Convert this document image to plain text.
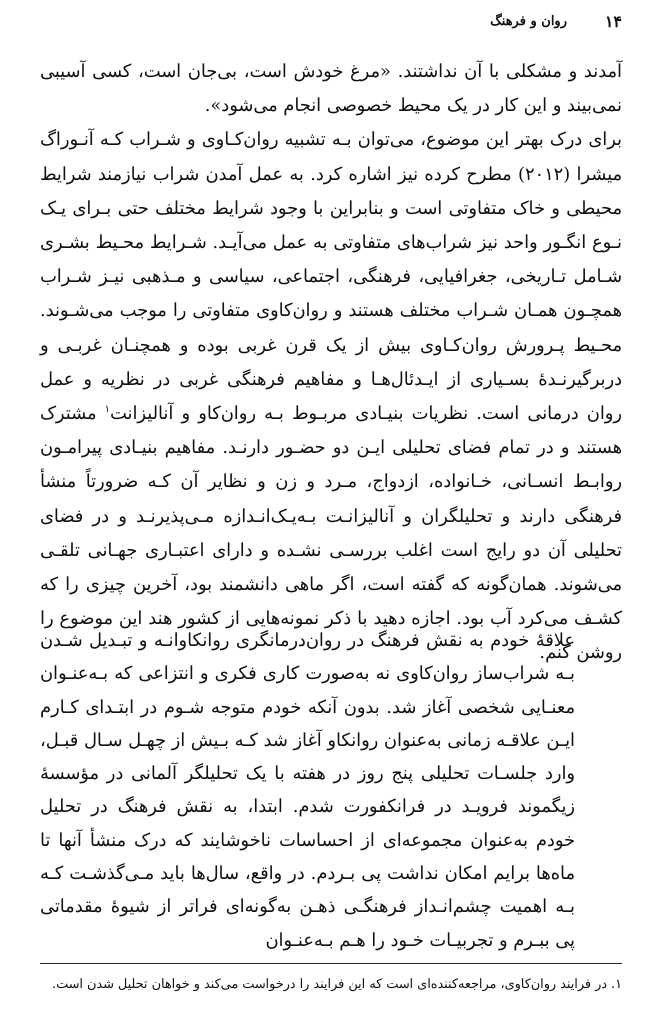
۱۴
روان و فرهنگ

آمدند و مشکلی با آن نداشتند. «مرغ خودش است، بی‌جان است، کسی آسیبی نمی‌بیند و این کار در یک محیط خصوصی انجام می‌شود».

برای درک بهتر این موضوع، می‌توان بـه تشبیه روان‌کـاوی و شـراب کـه آنـوراگ میشرا (۲۰۱۲) مطرح کرده نیز اشاره کرد. به عمل آمدن شراب نیازمند شرایط محیطی و خاک متفاوتی است و بنابراین با وجود شرایط مختلف حتی بـرای یـک نـوع انگـور واحد نیز شراب‌های متفاوتی به عمل می‌آیـد. شـرایط محـیط بشـری شـامل تـاریخی، جغرافیایی، فرهنگی، اجتماعی، سیاسی و مـذهبی نیـز شـراب همچـون همـان شـراب مختلف هستند و روان‌کاوی متفاوتی را موجب می‌شـوند. محـیط پـرورش روان‌کـاوی بیش از یک قرن غربی بوده و همچنـان غربـی و دربرگیرنـدۀ بسـیاری از ایـدئال‌هـا و مفاهیم فرهنگی غربی در نظریه و عمل روان درمانی است. نظریات بنیـادی مربـوط بـه روان‌کاو و آنالیزانت$^۱$ مشترک هستند و در تمام فضای تحلیلی ایـن دو حضـور دارنـد. مفاهیم بنیـادی پیرامـون روابـط انسـانی، خـانواده، ازدواج، مـرد و زن و نظایر آن کـه ضرورتاً منشأ فرهنگی دارند و تحلیلگران و آنالیزانـت بـه‌یـک‌انـدازه مـی‌پذیرنـد و در فضای تحلیلی آن دو رایج است اغلب بررسـی نشـده و دارای اعتبـاری جهـانی تلقـی می‌شوند. همان‌گونه که گفته است، اگر ماهی دانشمند بود، آخرین چیزی را که کشـف می‌کرد آب بود. اجازه دهید با ذکر نمونه‌هایی از کشور هند این موضوع را روشن کنم.

علاقۀ خودم به نقش فرهنگ در روان‌درمانگری روانکاوانـه و تبـدیل شـدن بـه شراب‌ساز روان‌کاوی نه به‌صورت کاری فکری و انتزاعی که بـه‌عنـوان معنـایی شخصی آغاز شد. بدون آنکه خودم متوجه شـوم در ابتـدای کـارم ایـن علاقـه زمانی به‌عنوان روانکاو آغاز شد کـه بـیش از چهـل سـال قبـل، وارد جلسـات تحلیلی پنج روز در هفته با یک تحلیلگر آلمانی در مؤسسۀ زیگموند فرویـد در فرانکفورت شدم. ابتدا، به نقش فرهنگ در تحلیل خودم به‌عنوان مجموعه‌ای از احساسات ناخوشایند که درک منشأ آنها تا ماه‌ها برایم امکان نداشت پی بـردم. در واقع، سال‌ها باید مـی‌گذشـت کـه بـه اهمیت چشم‌انـداز فرهنگـی ذهـن به‌گونه‌ای فراتر از شیوۀ مقدماتی پی ببـرم و تجربیـات خـود را هـم بـه‌عنـوان

۱. در فرایند روان‌کاوی، مراجعه‌کننده‌ای است که این فرایند را درخواست می‌کند و خواهان تحلیل شدن است.
